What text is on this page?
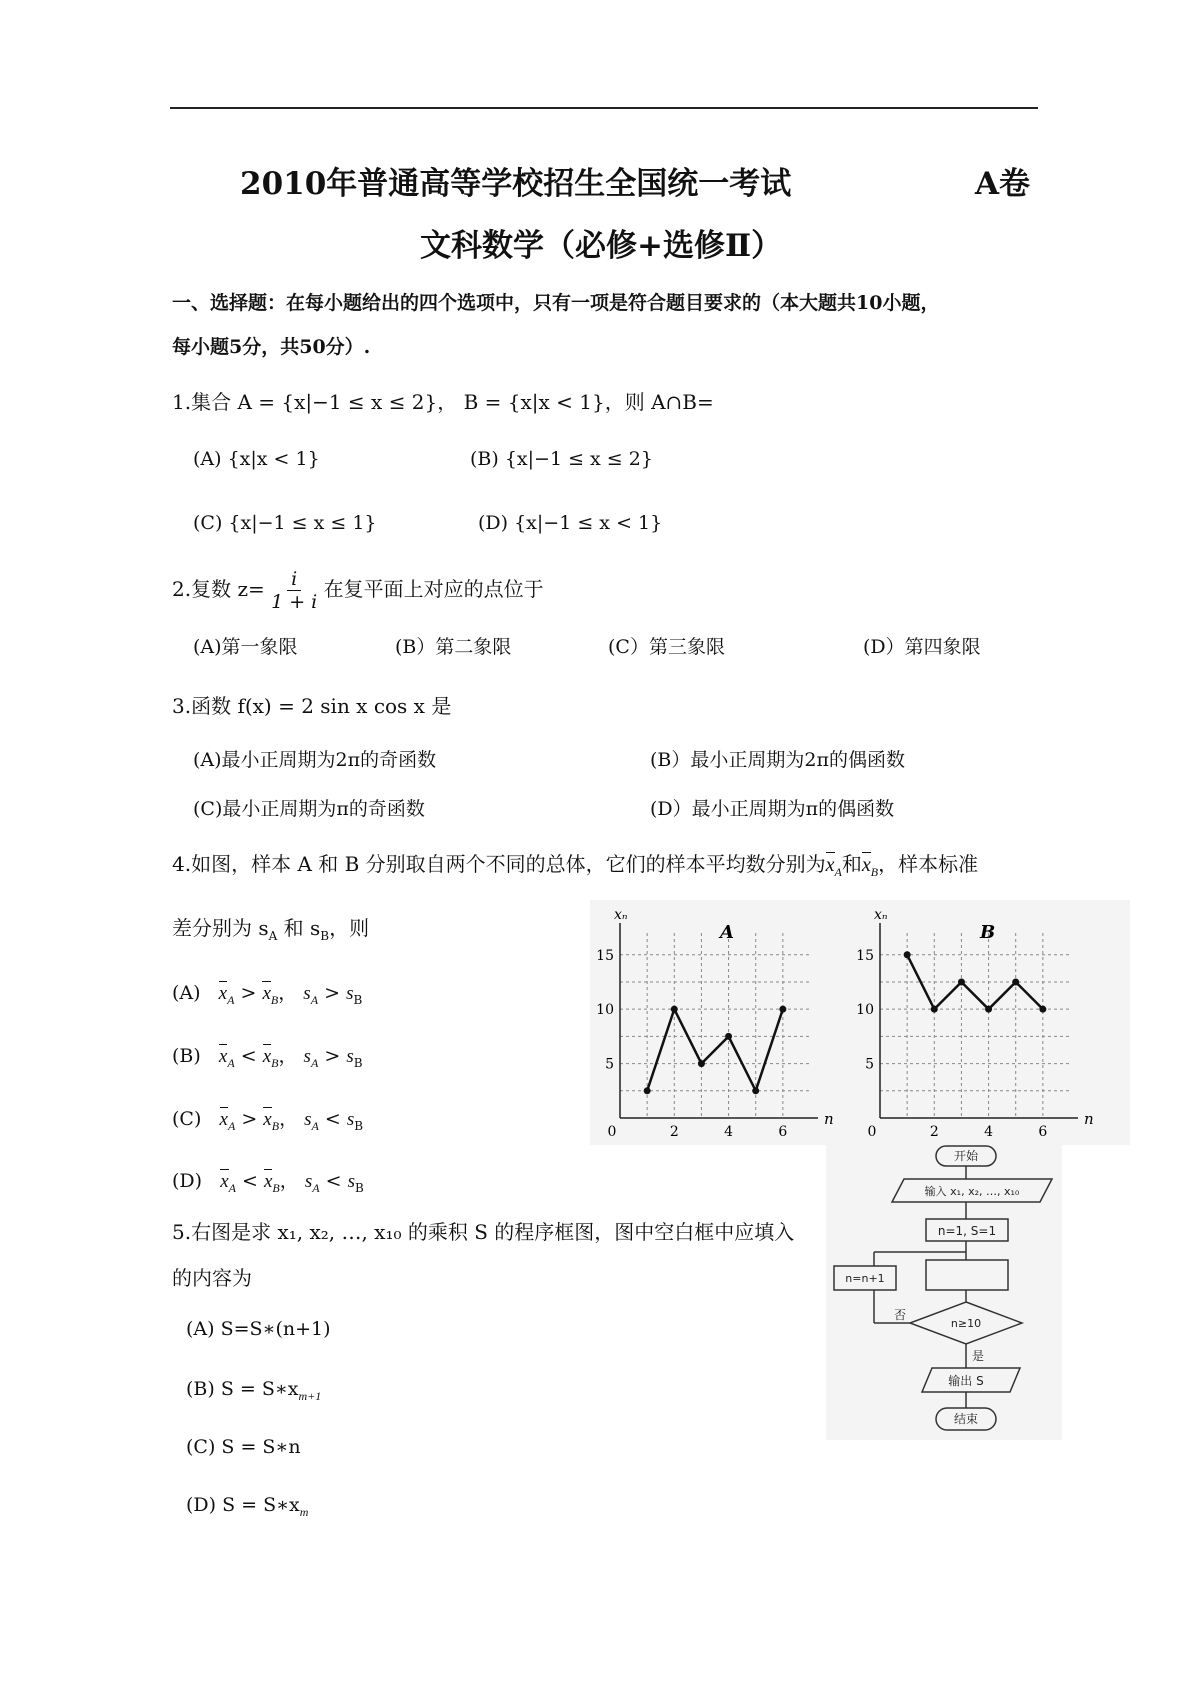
2010年普通高等学校招生全国统一考试	A卷
文科数学（必修+选修Ⅱ）
一、选择题：在每小题给出的四个选项中，只有一项是符合题目要求的（本大题共10小题，
每小题5分，共50分）.
1.集合 A = {x|−1 ≤ x ≤ 2}， B = {x|x < 1}，则 A∩B=
(A) {x|x < 1}	(B) {x|−1 ≤ x ≤ 2}
(C) {x|−1 ≤ x ≤ 1}	(D) {x|−1 ≤ x < 1}
2.复数 $z= \frac{i}{1 + i}$ 在复平面上对应的点位于
(A)第一象限	(B）第二象限	(C）第三象限	(D）第四象限
3.函数 f(x) = 2 sin x cos x 是
(A)最小正周期为2π的奇函数	(B）最小正周期为2π的偶函数
(C)最小正周期为π的奇函数	(D）最小正周期为π的偶函数
4.如图，样本 A 和 B 分别取自两个不同的总体，它们的样本平均数分别为$x_A$和$x_B$，样本标准
差分别为 $s_A$ 和 $s_B$，则
(A) $x_A > x_B$， $s_A > s_B$
(B) $x_A < x_B$， $s_A > s_B$
(C) $x_A > x_B$， $s_A < s_B$
(D) $x_A < x_B$， $s_A < s_B$
0	2	4	6
5
10
15
A
n
xₙ
0	2	4	6
5
10
15
B
n
xₙ
5.右图是求 x₁, x₂, …, x₁₀ 的乘积 S 的程序框图，图中空白框中应填入
的内容为
(A) S=S∗(n+1)
(B) $S = S∗x_{m+1}$
(C) S = S∗n
(D) $S = S∗x_m$
开始
输入 x₁, x₂, …, x₁₀
n=1, S=1
n≥10
否
是
n=n+1
输出 S
结束
